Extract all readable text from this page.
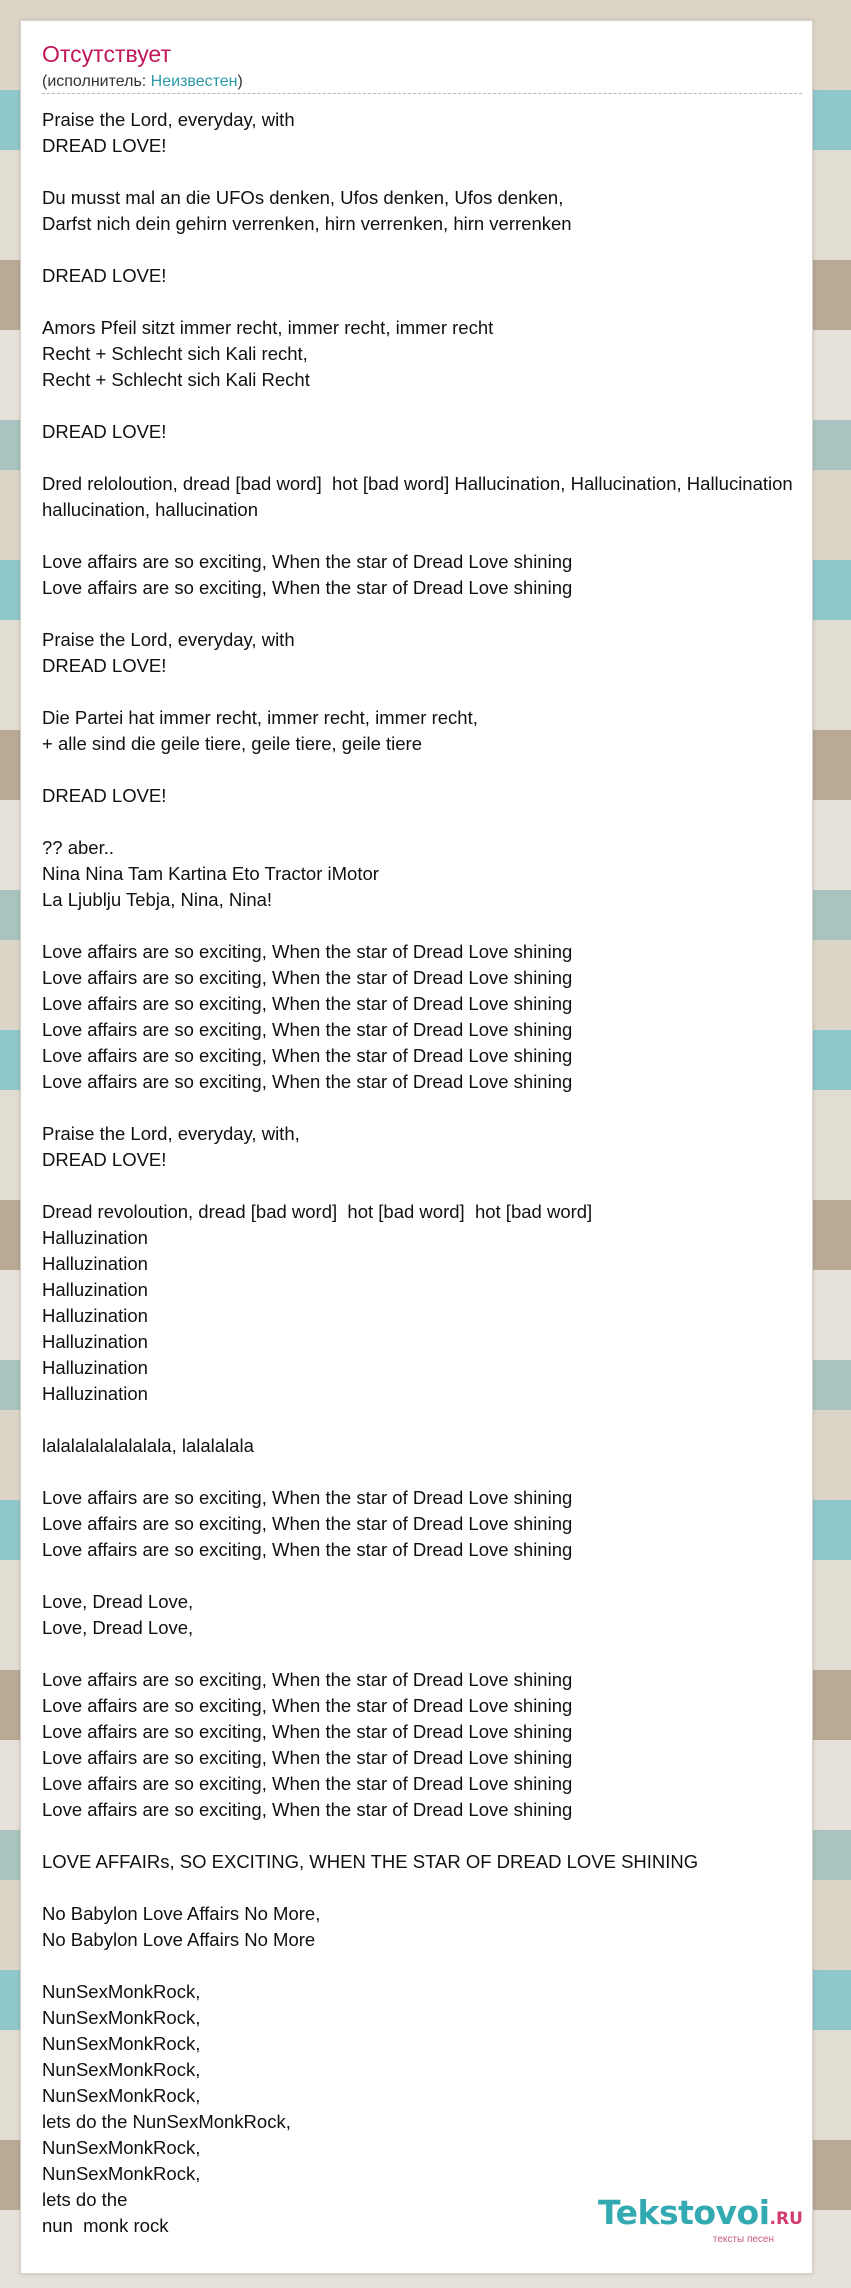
Отсутствует
(исполнитель: Неизвестен)
Praise the Lord, everyday, with
DREAD LOVE!
Du musst mal an die UFOs denken, Ufos denken, Ufos denken,
Darfst nich dein gehirn verrenken, hirn verrenken, hirn verrenken
DREAD LOVE!
Amors Pfeil sitzt immer recht, immer recht, immer recht
Recht + Schlecht sich Kali recht,
Recht + Schlecht sich Kali Recht
DREAD LOVE!
Dred reloloution, dread [bad word]  hot [bad word] Hallucination, Hallucination, Hallucination
hallucination, hallucination
Love affairs are so exciting, When the star of Dread Love shining
Love affairs are so exciting, When the star of Dread Love shining
Praise the Lord, everyday, with
DREAD LOVE!
Die Partei hat immer recht, immer recht, immer recht,
+ alle sind die geile tiere, geile tiere, geile tiere
DREAD LOVE!
?? aber..
Nina Nina Tam Kartina Eto Tractor iMotor
La Ljublju Tebja, Nina, Nina!
Love affairs are so exciting, When the star of Dread Love shining
Love affairs are so exciting, When the star of Dread Love shining
Love affairs are so exciting, When the star of Dread Love shining
Love affairs are so exciting, When the star of Dread Love shining
Love affairs are so exciting, When the star of Dread Love shining
Love affairs are so exciting, When the star of Dread Love shining
Praise the Lord, everyday, with,
DREAD LOVE!
Dread revoloution, dread [bad word]  hot [bad word]  hot [bad word]
Halluzination
Halluzination
Halluzination
Halluzination
Halluzination
Halluzination
Halluzination
lalalalalalalalala, lalalalala
Love affairs are so exciting, When the star of Dread Love shining
Love affairs are so exciting, When the star of Dread Love shining
Love affairs are so exciting, When the star of Dread Love shining
Love, Dread Love,
Love, Dread Love,
Love affairs are so exciting, When the star of Dread Love shining
Love affairs are so exciting, When the star of Dread Love shining
Love affairs are so exciting, When the star of Dread Love shining
Love affairs are so exciting, When the star of Dread Love shining
Love affairs are so exciting, When the star of Dread Love shining
Love affairs are so exciting, When the star of Dread Love shining
LOVE AFFAIRs, SO EXCITING, WHEN THE STAR OF DREAD LOVE SHINING
No Babylon Love Affairs No More,
No Babylon Love Affairs No More
NunSexMonkRock,
NunSexMonkRock,
NunSexMonkRock,
NunSexMonkRock,
NunSexMonkRock,
lets do the NunSexMonkRock,
NunSexMonkRock,
NunSexMonkRock,
lets do the
nun  monk rock	Tekstovoi.RU
тексты песен
